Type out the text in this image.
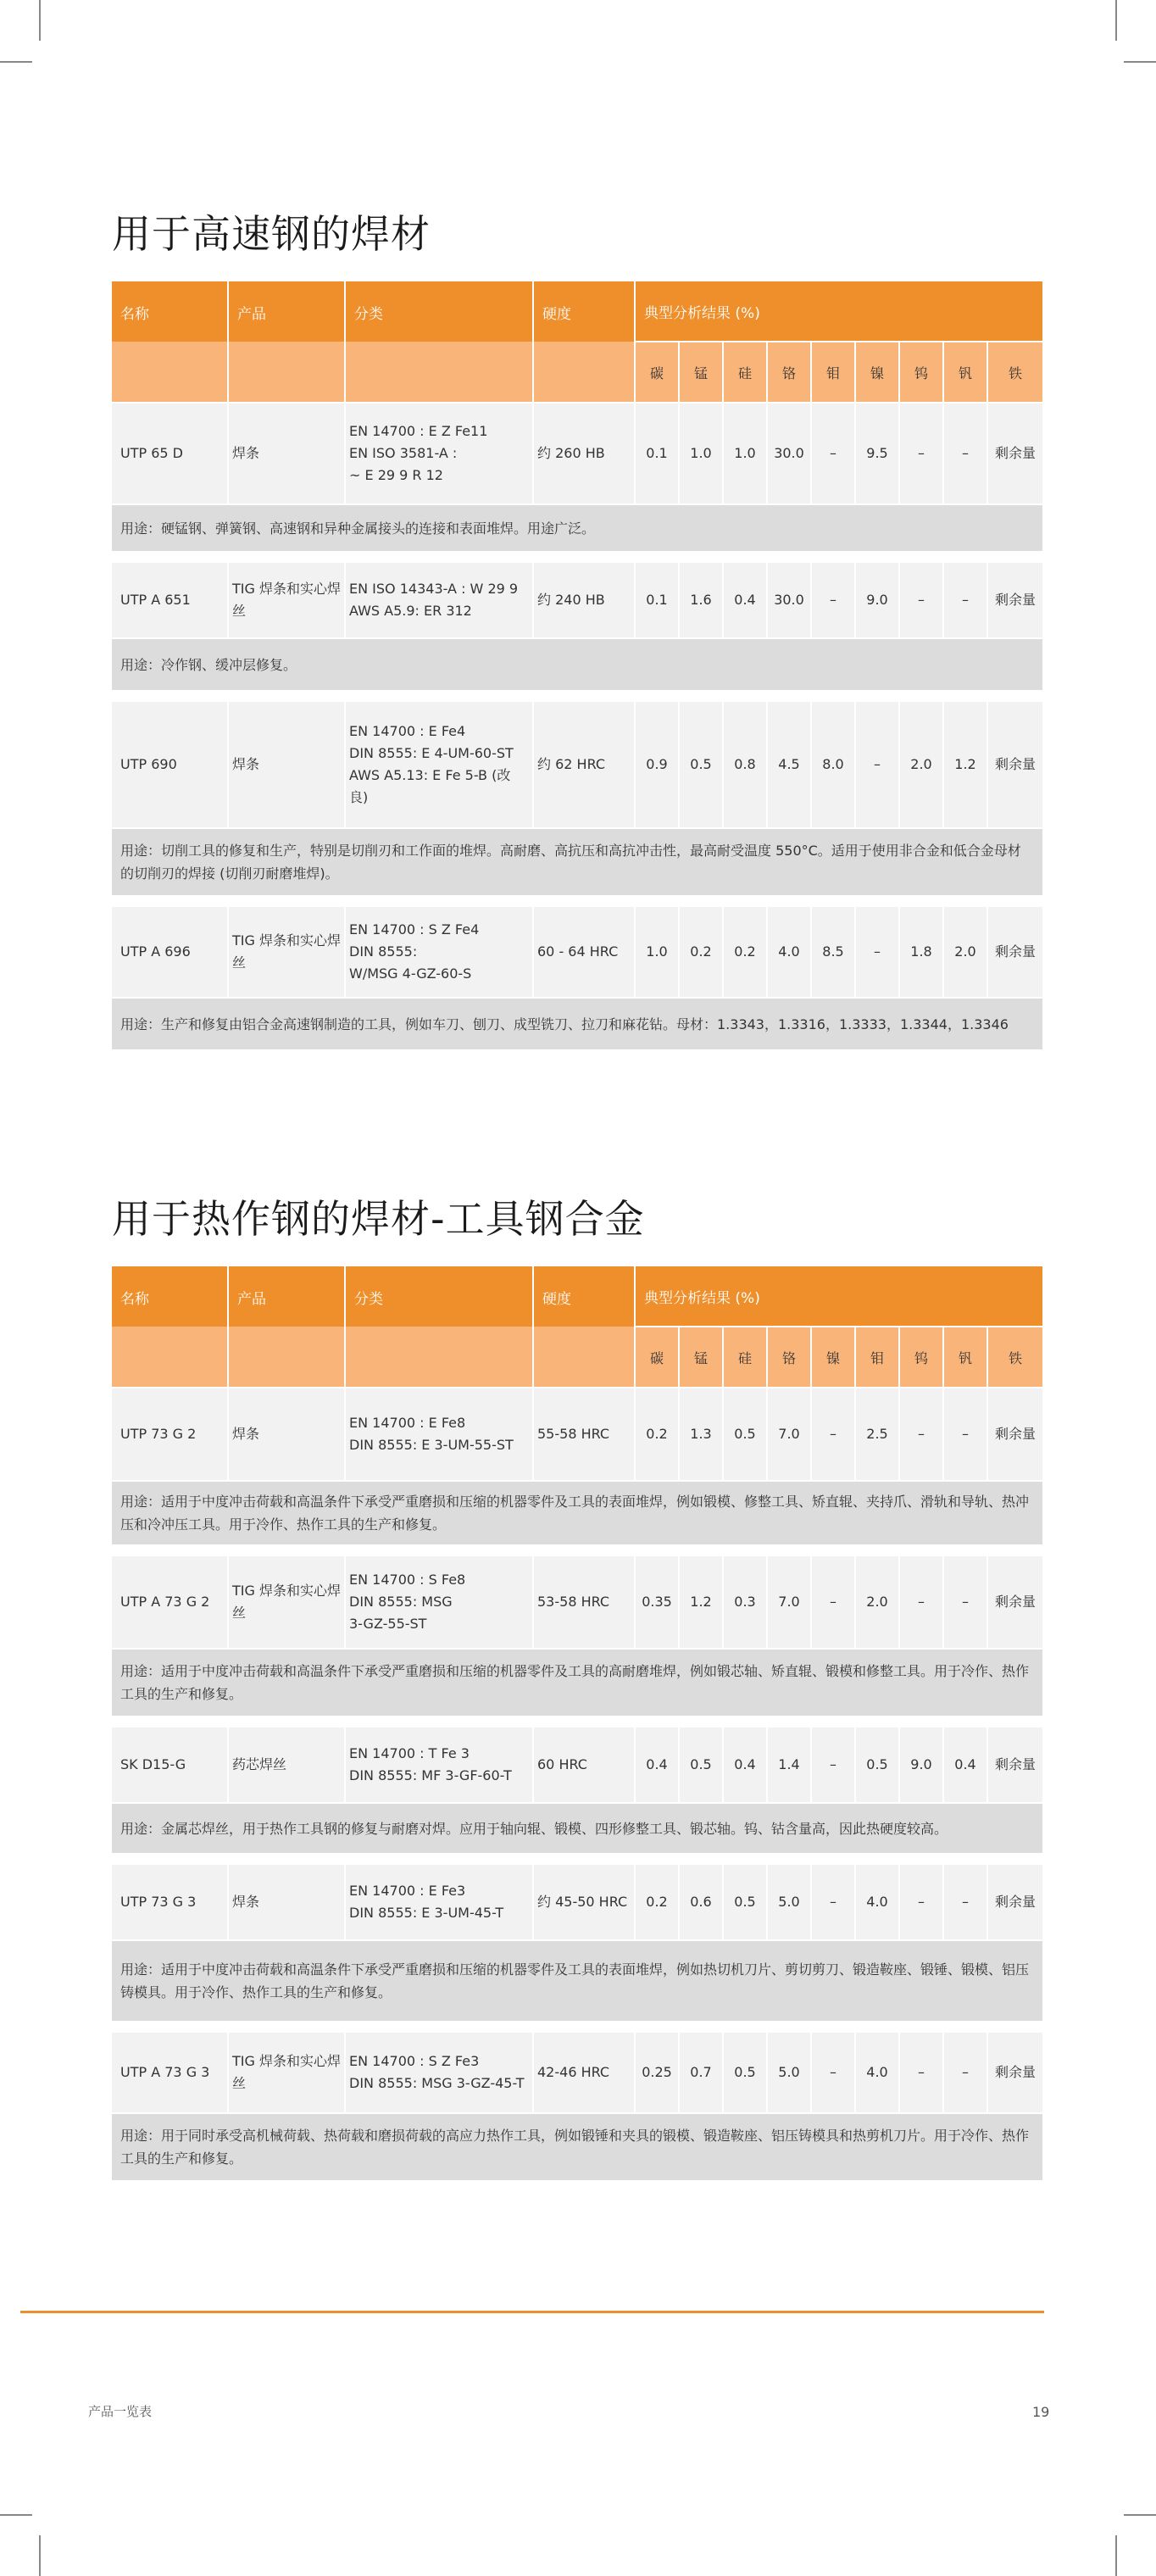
用于高速钢的焊材
名称	产品	分类	硬度	典型分析结果 (%)								
				碳	锰	硅	铬	钼	镍	钨	钒	铁
UTP 65 D	焊条	EN 14700 : E Z Fe11
EN ISO 3581-A :
~ E 29 9 R 12	约 260 HB	0.1	1.0	1.0	30.0	–	9.5	–	–	剩余量
用途：硬锰钢、弹簧钢、高速钢和异种金属接头的连接和表面堆焊。用途广泛。												

UTP A 651	TIG 焊条和实心焊丝	EN ISO 14343-A : W 29 9
AWS A5.9: ER 312	约 240 HB	0.1	1.6	0.4	30.0	–	9.0	–	–	剩余量
用途：冷作钢、缓冲层修复。												

UTP 690	焊条	EN 14700 : E Fe4
DIN 8555: E 4-UM-60-ST
AWS A5.13: E Fe 5-B (改良)	约 62 HRC	0.9	0.5	0.8	4.5	8.0	–	2.0	1.2	剩余量
用途：切削工具的修复和生产，特别是切削刃和工作面的堆焊。高耐磨、高抗压和高抗冲击性，最高耐受温度 550°C。适用于使用非合金和低合金母材的切削刃的焊接 (切削刃耐磨堆焊)。												

UTP A 696	TIG 焊条和实心焊丝	EN 14700 : S Z Fe4
DIN 8555:
W/MSG 4-GZ-60-S	60 - 64 HRC	1.0	0.2	0.2	4.0	8.5	–	1.8	2.0	剩余量
用途：生产和修复由铝合金高速钢制造的工具，例如车刀、刨刀、成型铣刀、拉刀和麻花钻。母材：1.3343，1.3316，1.3333，1.3344，1.3346												
用于热作钢的焊材-工具钢合金
名称	产品	分类	硬度	典型分析结果 (%)								
				碳	锰	硅	铬	镍	钼	钨	钒	铁
UTP 73 G 2	焊条	EN 14700 : E Fe8
DIN 8555: E 3-UM-55-ST	55-58 HRC	0.2	1.3	0.5	7.0	–	2.5	–	–	剩余量
用途：适用于中度冲击荷载和高温条件下承受严重磨损和压缩的机器零件及工具的表面堆焊，例如锻模、修整工具、矫直辊、夹持爪、滑轨和导轨、热冲压和冷冲压工具。用于冷作、热作工具的生产和修复。												

UTP A 73 G 2	TIG 焊条和实心焊丝	EN 14700 : S Fe8
DIN 8555: MSG
3-GZ-55-ST	53-58 HRC	0.35	1.2	0.3	7.0	–	2.0	–	–	剩余量
用途：适用于中度冲击荷载和高温条件下承受严重磨损和压缩的机器零件及工具的高耐磨堆焊，例如锻芯轴、矫直辊、锻模和修整工具。用于冷作、热作工具的生产和修复。												

SK D15-G	药芯焊丝	EN 14700 : T Fe 3
DIN 8555: MF 3-GF-60-T	60 HRC	0.4	0.5	0.4	1.4	–	0.5	9.0	0.4	剩余量
用途：金属芯焊丝，用于热作工具钢的修复与耐磨对焊。应用于轴向辊、锻模、四形修整工具、锻芯轴。钨、钴含量高，因此热硬度较高。												

UTP 73 G 3	焊条	EN 14700 : E Fe3
DIN 8555: E 3-UM-45-T	约 45-50 HRC	0.2	0.6	0.5	5.0	–	4.0	–	–	剩余量
用途：适用于中度冲击荷载和高温条件下承受严重磨损和压缩的机器零件及工具的表面堆焊，例如热切机刀片、剪切剪刀、锻造鞍座、锻锤、锻模、铝压铸模具。用于冷作、热作工具的生产和修复。												

UTP A 73 G 3	TIG 焊条和实心焊丝	EN 14700 : S Z Fe3
DIN 8555: MSG 3-GZ-45-T	42-46 HRC	0.25	0.7	0.5	5.0	–	4.0	–	–	剩余量
用途：用于同时承受高机械荷载、热荷载和磨损荷载的高应力热作工具，例如锻锤和夹具的锻模、锻造鞍座、铝压铸模具和热剪机刀片。用于冷作、热作工具的生产和修复。												
产品一览表	19
